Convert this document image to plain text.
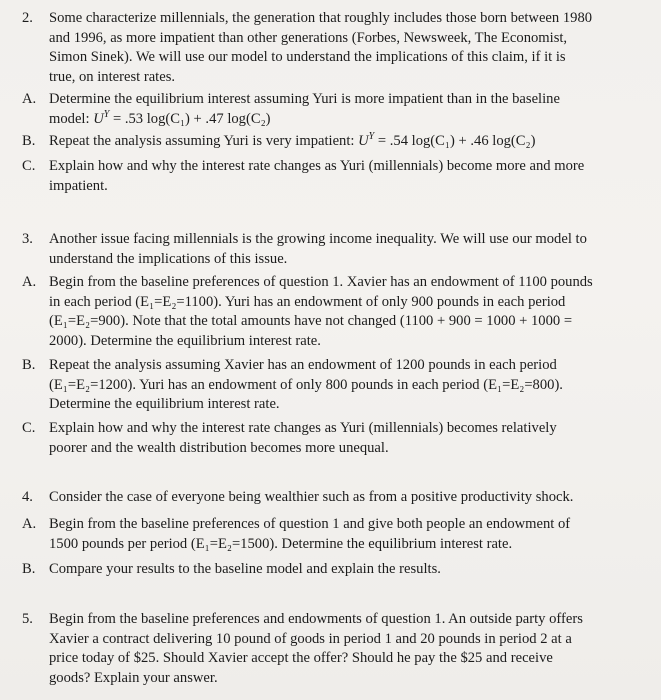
2.	Some characterize millennials, the generation that roughly includes those born between 1980
and 1996, as more impatient than other generations (Forbes, Newsweek, The Economist,
Simon Sinek). We will use our model to understand the implications of this claim, if it is
true, on interest rates.
A. Determine the equilibrium interest assuming Yuri is more impatient than in the baseline
model: $U^Y = .53$ log(C₁) + .47 log(C₂)
B. Repeat the analysis assuming Yuri is very impatient: $U^Y = .54$ log(C₁) + .46 log(C₂)
C. Explain how and why the interest rate changes as Yuri (millennials) become more and more
impatient.
3.	Another issue facing millennials is the growing income inequality. We will use our model to
understand the implications of this issue.
A. Begin from the baseline preferences of question 1. Xavier has an endowment of 1100 pounds
in each period (E₁=E₂=1100). Yuri has an endowment of only 900 pounds in each period
(E₁=E₂=900). Note that the total amounts have not changed (1100 + 900 = 1000 + 1000 =
2000). Determine the equilibrium interest rate.
B. Repeat the analysis assuming Xavier has an endowment of 1200 pounds in each period
(E₁=E₂=1200). Yuri has an endowment of only 800 pounds in each period (E₁=E₂=800).
Determine the equilibrium interest rate.
C. Explain how and why the interest rate changes as Yuri (millennials) becomes relatively
poorer and the wealth distribution becomes more unequal.
4.	Consider the case of everyone being wealthier such as from a positive productivity shock.
A. Begin from the baseline preferences of question 1 and give both people an endowment of
1500 pounds per period (E₁=E₂=1500). Determine the equilibrium interest rate.
B. Compare your results to the baseline model and explain the results.
5.	Begin from the baseline preferences and endowments of question 1. An outside party offers
Xavier a contract delivering 10 pound of goods in period 1 and 20 pounds in period 2 at a
price today of $25. Should Xavier accept the offer? Should he pay the $25 and receive
goods? Explain your answer.
